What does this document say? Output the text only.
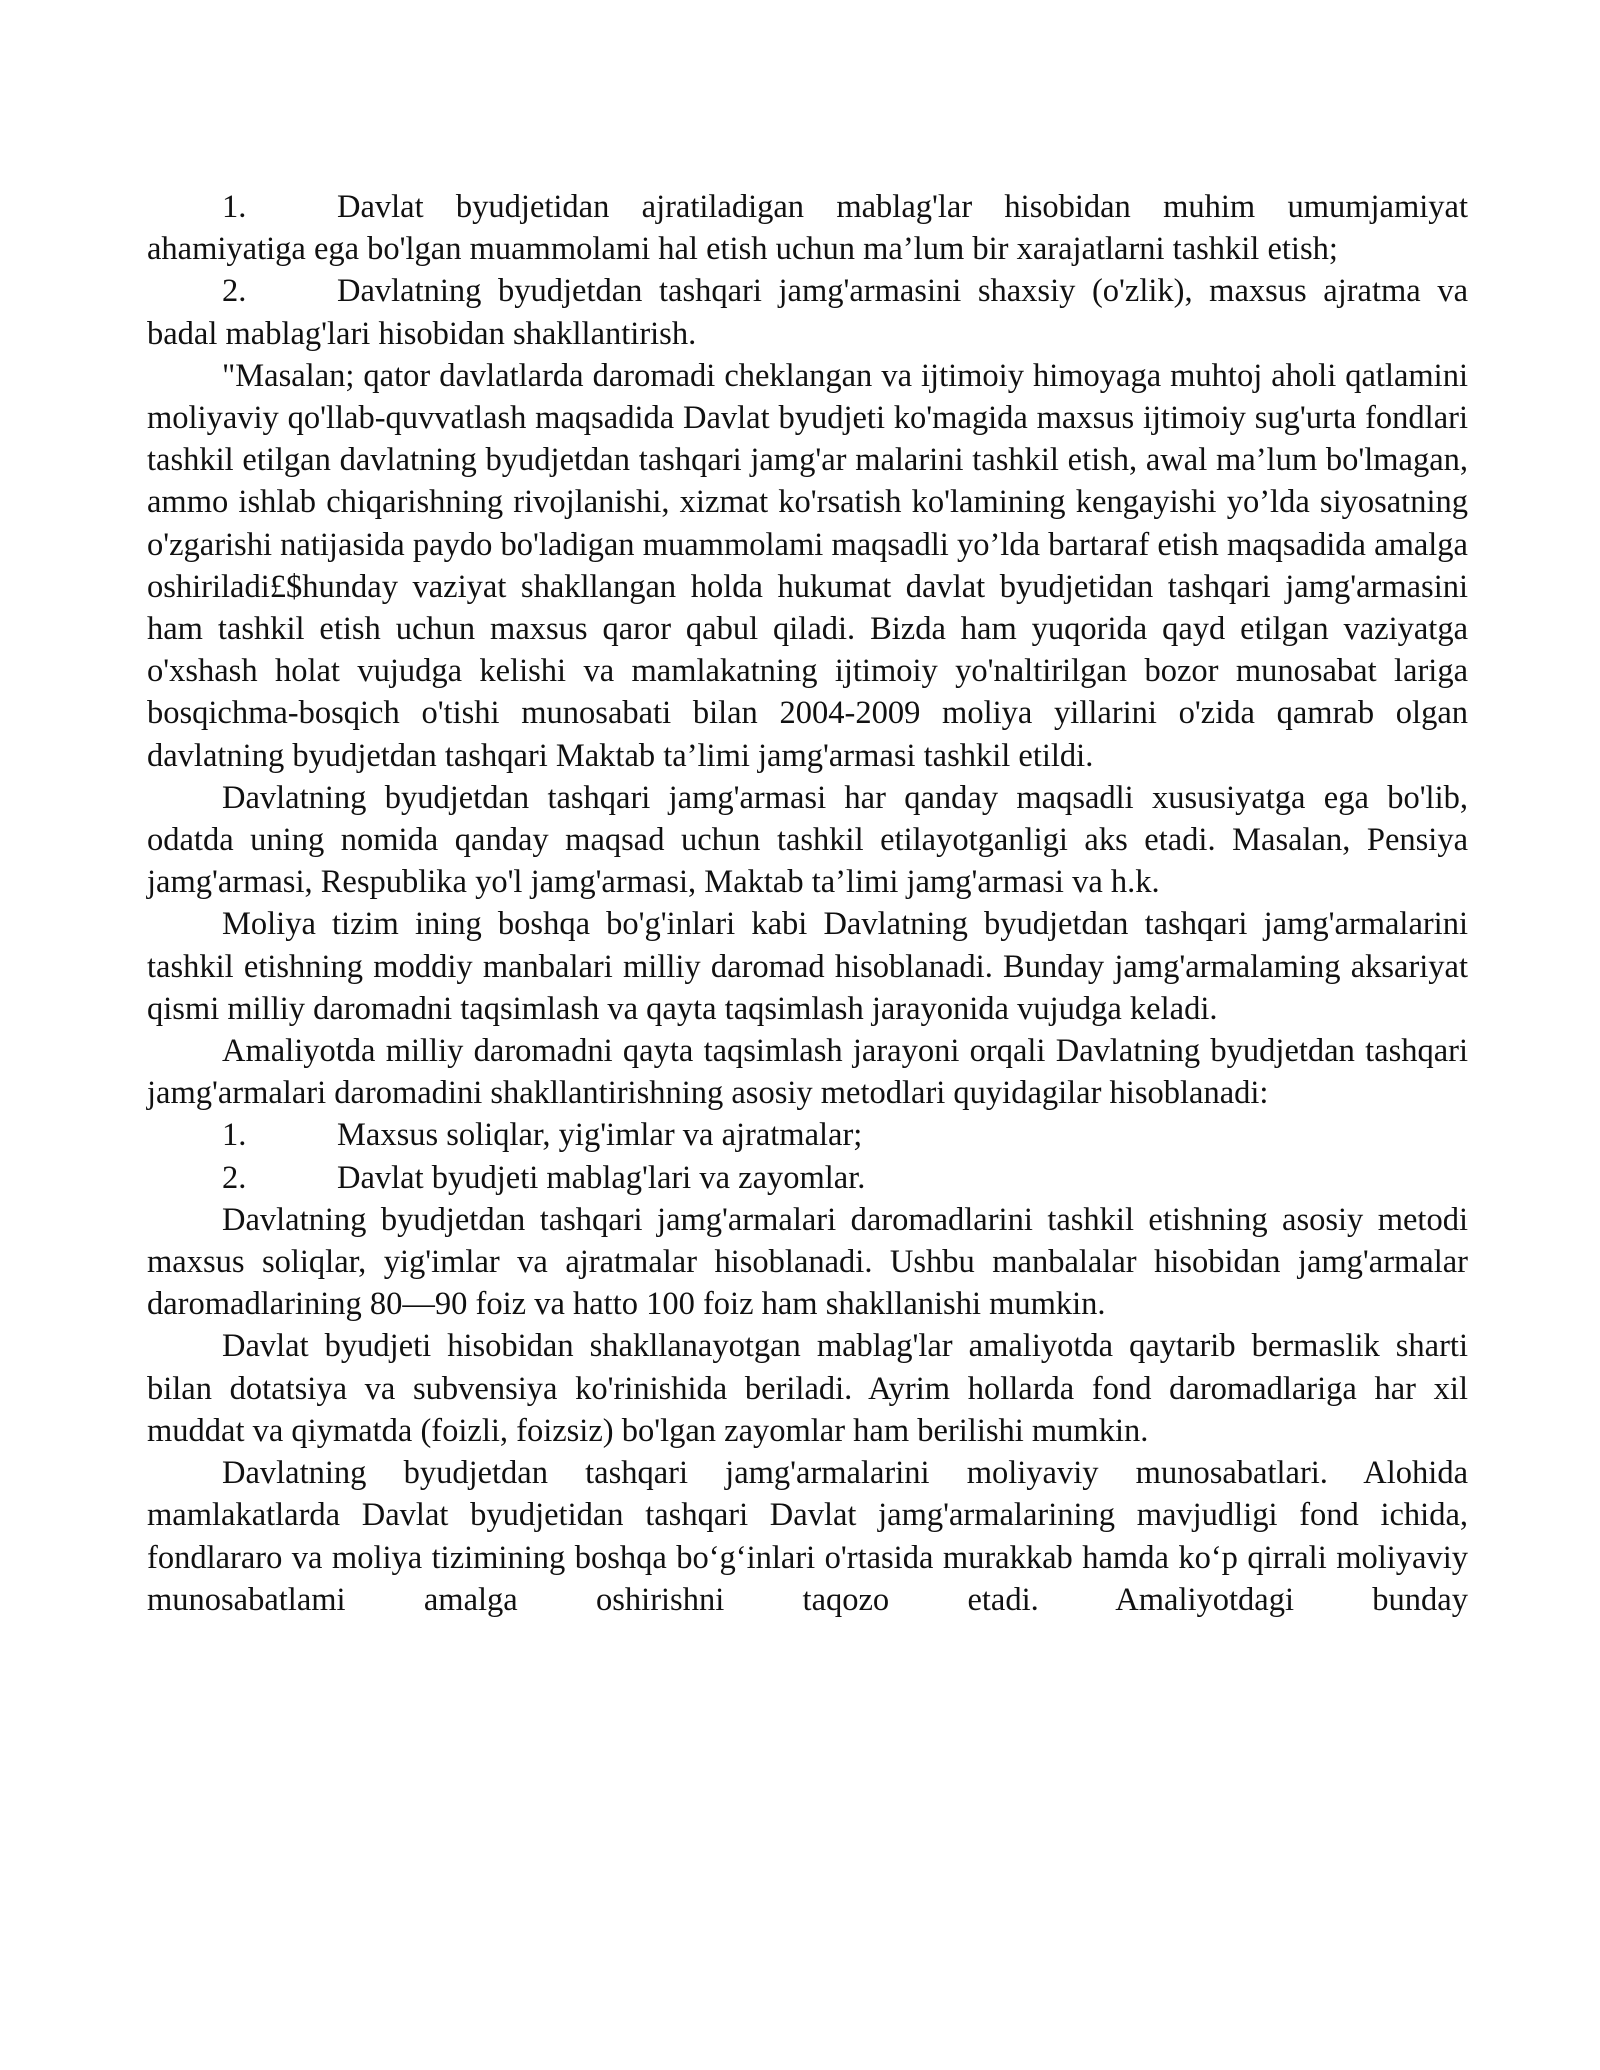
1.	Davlat byudjetidan ajratiladigan mablag'lar hisobidan muhim umumjamiyat ahamiyatiga ega bo'lgan muammolami hal etish uchun ma’lum bir xarajatlarni tashkil etish;

2.	Davlatning byudjetdan tashqari jamg'armasini shaxsiy (o'zlik), maxsus ajratma va badal mablag'lari hisobidan shakllantirish.

"Masalan; qator davlatlarda daromadi cheklangan va ijtimoiy himoyaga muhtoj aholi qatlamini moliyaviy qo'llab-quvvatlash maqsadida Davlat byudjeti ko'magida maxsus ijtimoiy sug'urta fondlari tashkil etilgan davlatning byudjetdan tashqari jamg'ar malarini tashkil etish, awal ma’lum bo'lmagan, ammo ishlab chiqarishning rivojlanishi, xizmat ko'rsatish ko'lamining kengayishi yo’lda siyosatning o'zgarishi natijasida paydo bo'ladigan muammolami maqsadli yo’lda bartaraf etish maqsadida amalga oshiriladi£$hunday vaziyat shakllangan holda hukumat davlat byudjetidan tashqari jamg'armasini ham tashkil etish uchun maxsus qaror qabul qiladi. Bizda ham yuqorida qayd etilgan vaziyatga o'xshash holat vujudga kelishi va mamlakatning ijtimoiy yo'naltirilgan bozor munosabat lariga bosqichma-bosqich o'tishi munosabati bilan 2004-2009 moliya yillarini o'zida qamrab olgan davlatning byudjetdan tashqari Maktab ta’limi jamg'armasi tashkil etildi.

Davlatning byudjetdan tashqari jamg'armasi har qanday maqsadli xususiyatga ega bo'lib, odatda uning nomida qanday maqsad uchun tashkil etilayotganligi aks etadi. Masalan, Pensiya jamg'armasi, Respublika yo'l jamg'armasi, Maktab ta’limi jamg'armasi va h.k.

Moliya tizim ining boshqa bo'g'inlari kabi Davlatning byudjetdan tashqari jamg'armalarini tashkil etishning moddiy manbalari milliy daromad hisoblanadi. Bunday jamg'armalaming aksariyat qismi milliy daromadni taqsimlash va qayta taqsimlash jarayonida vujudga keladi.

Amaliyotda milliy daromadni qayta taqsimlash jarayoni orqali Davlatning byudjetdan tashqari jamg'armalari daromadini shakllantirishning asosiy metodlari quyidagilar hisoblanadi:

1.	Maxsus soliqlar, yig'imlar va ajratmalar;

2.	Davlat byudjeti mablag'lari va zayomlar.

Davlatning byudjetdan tashqari jamg'armalari daromadlarini tashkil etishning asosiy metodi maxsus soliqlar, yig'imlar va ajratmalar hisoblanadi. Ushbu manbalalar hisobidan jamg'armalar daromadlarining 80—90 foiz va hatto 100 foiz ham shakllanishi mumkin.

Davlat byudjeti hisobidan shakllanayotgan mablag'lar amaliyotda qaytarib bermaslik sharti bilan dotatsiya va subvensiya ko'rinishida beriladi. Ayrim hollarda fond daromadlariga har xil muddat va qiymatda (foizli, foizsiz) bo'lgan zayomlar ham berilishi mumkin.

Davlatning byudjetdan tashqari jamg'armalarini moliyaviy munosabatlari. Alohida mamlakatlarda Davlat byudjetidan tashqari Davlat jamg'armalarining mavjudligi fond ichida, fondlararo va moliya tizimining boshqa bo‘g‘inlari o'rtasida murakkab hamda ko‘p qirrali moliyaviy munosabatlami amalga oshirishni taqozo etadi. Amaliyotdagi bunday
